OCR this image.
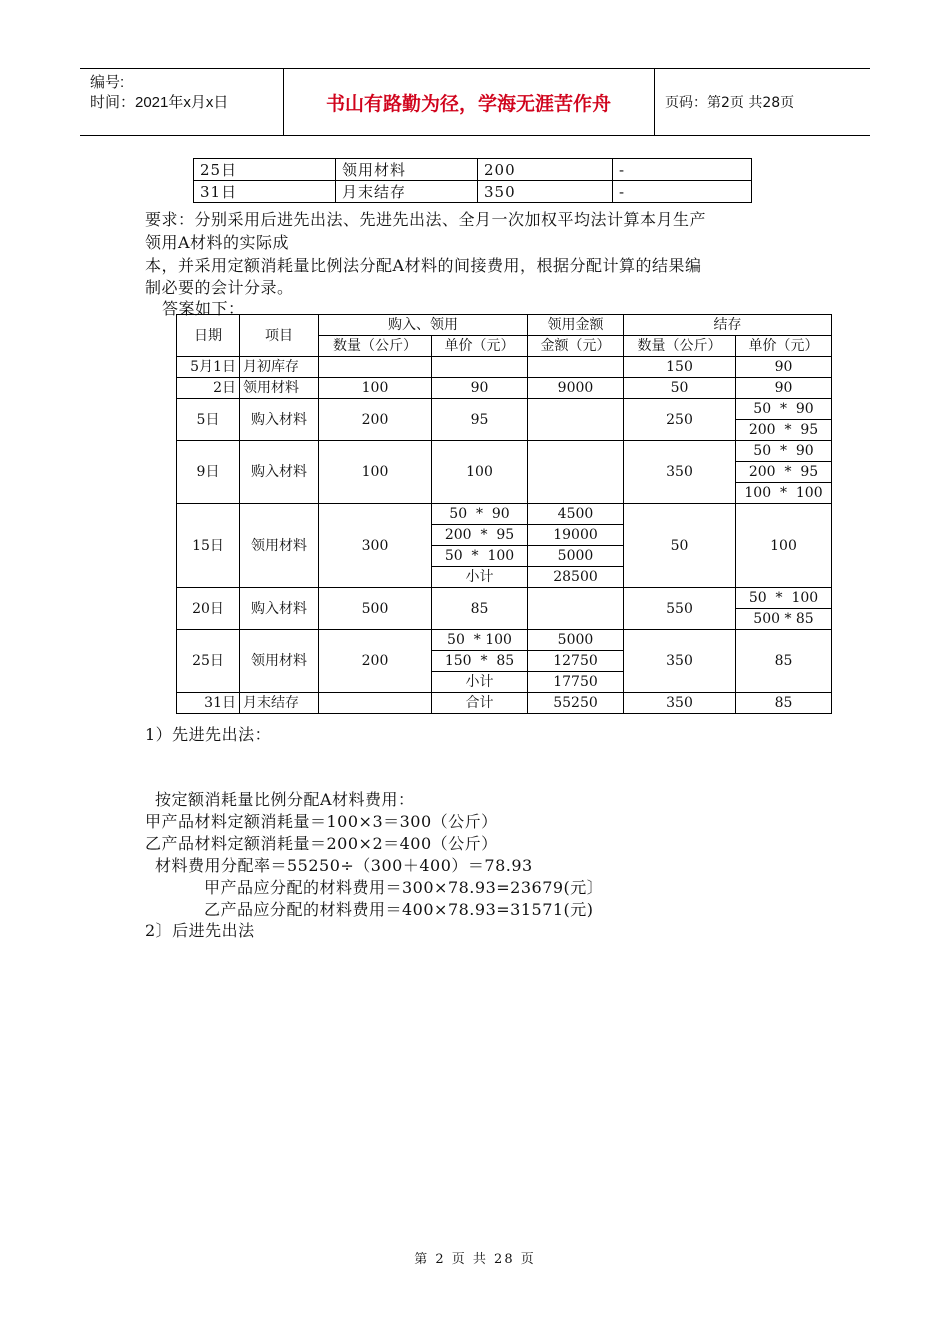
编号:
时间：2021年x月x日	书山有路勤为径，学海无涯苦作舟	页码：第2页 共28页
25日	领用材料	200	-
31日	月末结存	350	-
要求：分别采用后进先出法、先进先出法、全月一次加权平均法计算本月生产
领用A材料的实际成
本，并采用定额消耗量比例法分配A材料的间接费用，根据分配计算的结果编
制必要的会计分录。
答案如下：
日期	项目	购入、领用		领用金额	结存	
		数量（公斤）	单价（元）	金额（元）	数量（公斤）	单价（元）
5月1日	月初库存				150	90
2日	领用材料	100	90	9000	50	90
5日	购入材料	200	95		250	50  *  90
						200  *  95
9日	购入材料	100	100		350	50  *  90
						200  *  95
						100  *  100
15日	领用材料	300	50  *  90	4500	50	100
			200  *  95	19000		
			50  *  100	5000		
			小计	28500		
20日	购入材料	500	85		550	50  *  100
						500 * 85
25日	领用材料	200	50  * 100	5000	350	85
			150  *  85	12750		
			小计	17750		
31日	月末结存		合计	55250	350	85
1）先进先出法：
按定额消耗量比例分配A材料费用：
甲产品材料定额消耗量＝100×3＝300（公斤）
乙产品材料定额消耗量＝200×2＝400（公斤）
材料费用分配率＝55250÷（300＋400）＝78.93
甲产品应分配的材料费用＝300×78.93=23679(元〕
乙产品应分配的材料费用＝400×78.93=31571(元)
2〕后进先出法
第 2 页 共 28 页
